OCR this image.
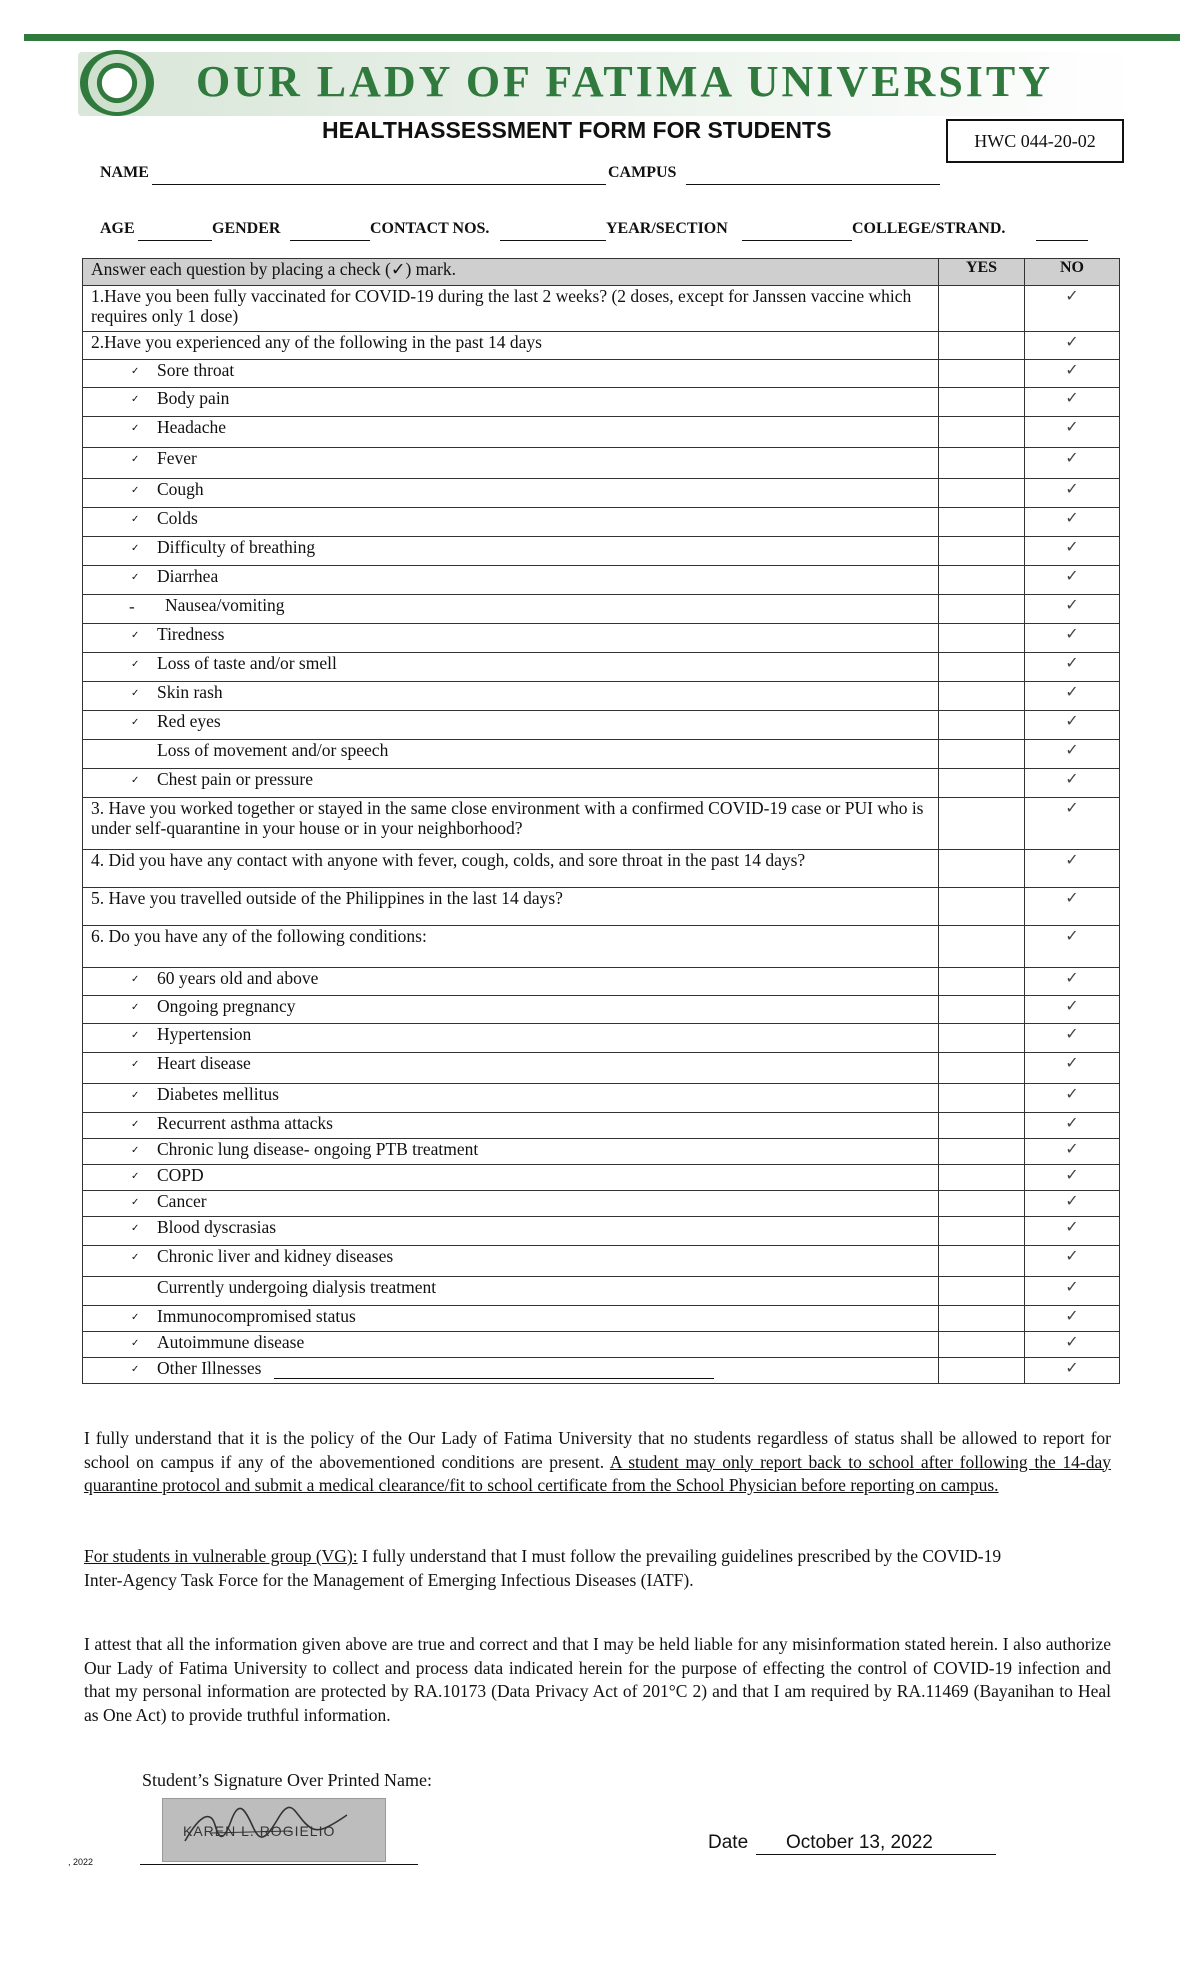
OUR LADY OF FATIMA UNIVERSITY
HEALTHASSESSMENT FORM FOR STUDENTS	HWC 044-20-02
NAME	CAMPUS
AGE	GENDER	CONTACT NOS.	YEAR/SECTION	COLLEGE/STRAND.
Answer each question by placing a check (✓) mark.	YES	NO
1.Have you been fully vaccinated for COVID-19 during the last 2 weeks? (2 doses, except for Janssen vaccine which requires only 1 dose)		✓
2.Have you experienced any of the following in the past 14 days		✓
✓ Sore throat		✓
✓ Body pain		✓
✓ Headache		✓
✓ Fever		✓
✓ Cough		✓
✓ Colds		✓
✓ Difficulty of breathing		✓
✓ Diarrhea		✓
- Nausea/vomiting		✓
✓ Tiredness		✓
✓ Loss of taste and/or smell		✓
✓ Skin rash		✓
✓ Red eyes		✓
Loss of movement and/or speech		✓
✓ Chest pain or pressure		✓
3. Have you worked together or stayed in the same close environment with a confirmed COVID-19 case or PUI who is under self-quarantine in your house or in your neighborhood?		✓
4. Did you have any contact with anyone with fever, cough, colds, and sore throat in the past 14 days?		✓
5. Have you travelled outside of the Philippines in the last 14 days?		✓
6. Do you have any of the following conditions:		✓
✓ 60 years old and above		✓
✓ Ongoing pregnancy		✓
✓ Hypertension		✓
✓ Heart disease		✓
✓ Diabetes mellitus		✓
✓ Recurrent asthma attacks		✓
✓ Chronic lung disease- ongoing PTB treatment		✓
✓ COPD		✓
✓ Cancer		✓
✓ Blood dyscrasias		✓
✓ Chronic liver and kidney diseases		✓
Currently undergoing dialysis treatment		✓
✓ Immunocompromised status		✓
✓ Autoimmune disease		✓
✓ Other Illnesses		✓
I fully understand that it is the policy of the Our Lady of Fatima University that no students regardless of status shall be allowed to report for school on campus if any of the abovementioned conditions are present. A student may only report back to school after following the 14-day quarantine protocol and submit a medical clearance/fit to school certificate from the School Physician before reporting on campus.
For students in vulnerable group (VG): I fully understand that I must follow the prevailing guidelines prescribed by the COVID-19
Inter-Agency Task Force for the Management of Emerging Infectious Diseases (IATF).
I attest that all the information given above are true and correct and that I may be held liable for any misinformation stated herein. I also authorize Our Lady of Fatima University to collect and process data indicated herein for the purpose of effecting the control of COVID-19 infection and that my personal information are protected by RA.10173 (Data Privacy Act of 201°C 2) and that I am required by RA.11469 (Bayanihan to Heal as One Act) to provide truthful information.
Student’s Signature Over Printed Name:
KAREN L. ROGIELIO
, 2022
Date	October 13, 2022
